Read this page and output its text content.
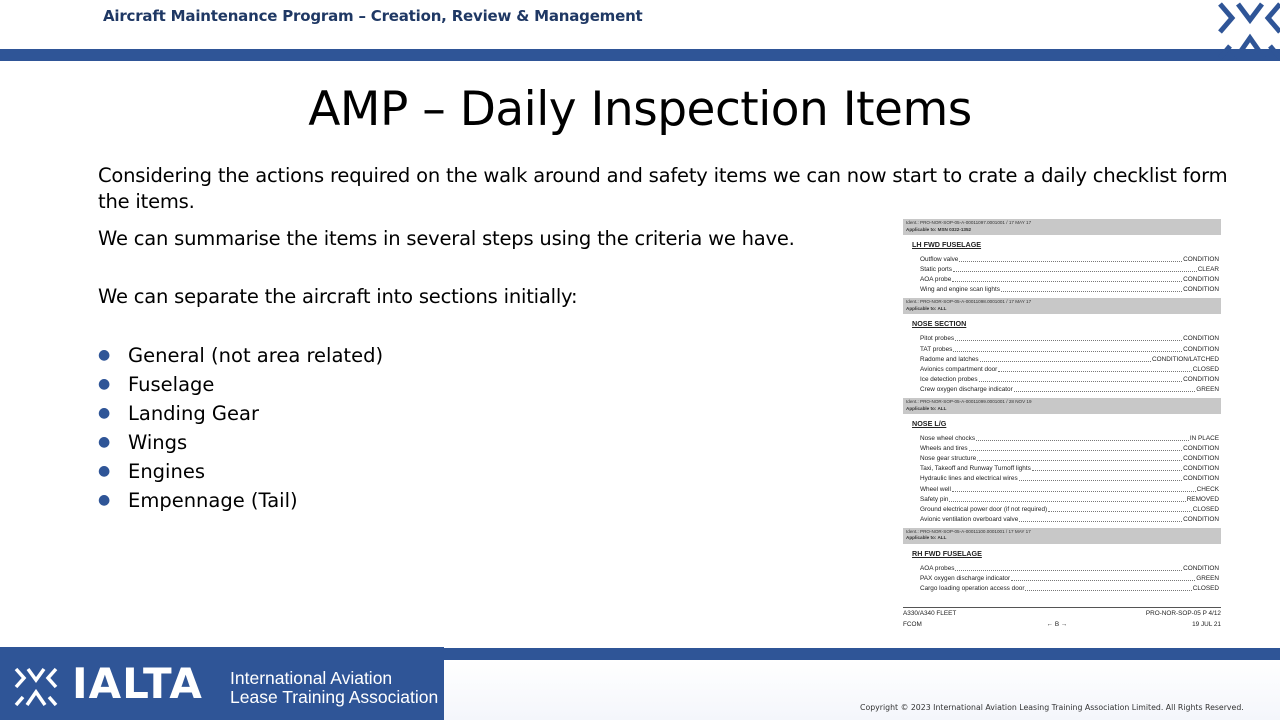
Aircraft Maintenance Program – Creation, Review & Management
AMP – Daily Inspection Items
Considering the actions required on the walk around and safety items we can now start to crate a daily checklist form the items.
We can summarise the items in several steps using the criteria we have.
We can separate the aircraft into sections initially:
● General (not area related)
● Fuselage
● Landing Gear
● Wings
● Engines
● Empennage (Tail)
Ident.: PRO-NOR-SOP-05-A-00011097.0001001 / 17 MAY 17
Applicable to: MSN 0322-1352
LH FWD FUSELAGE
Outflow valve	CONDITION
Static ports	CLEAR
AOA probe	CONDITION
Wing and engine scan lights	CONDITION
Ident.: PRO-NOR-SOP-05-A-00011098.0001001 / 17 MAY 17
Applicable to: ALL
NOSE SECTION
Pitot probes	CONDITION
TAT probes	CONDITION
Radome and latches	CONDITION/LATCHED
Avionics compartment door	CLOSED
Ice detection probes	CONDITION
Crew oxygen discharge indicator	GREEN
Ident.: PRO-NOR-SOP-05-A-00011099.0001001 / 28 NOV 19
Applicable to: ALL
NOSE L/G
Nose wheel chocks	IN PLACE
Wheels and tires	CONDITION
Nose gear structure	CONDITION
Taxi, Takeoff and Runway Turnoff lights	CONDITION
Hydraulic lines and electrical wires	CONDITION
Wheel well	CHECK
Safety pin	REMOVED
Ground electrical power door (if not required)	CLOSED
Avionic ventilation overboard valve	CONDITION
Ident.: PRO-NOR-SOP-05-A-00011100.0001001 / 17 MAY 17
Applicable to: ALL
RH FWD FUSELAGE
AOA probes	CONDITION
PAX oxygen discharge indicator	GREEN
Cargo loading operation access door	CLOSED
A330/A340 FLEET	PRO-NOR-SOP-05 P 4/12
FCOM	← B →	19 JUL 21
IALTA International Aviation
Lease Training Association
Copyright © 2023 International Aviation Leasing Training Association Limited. All Rights Reserved.
